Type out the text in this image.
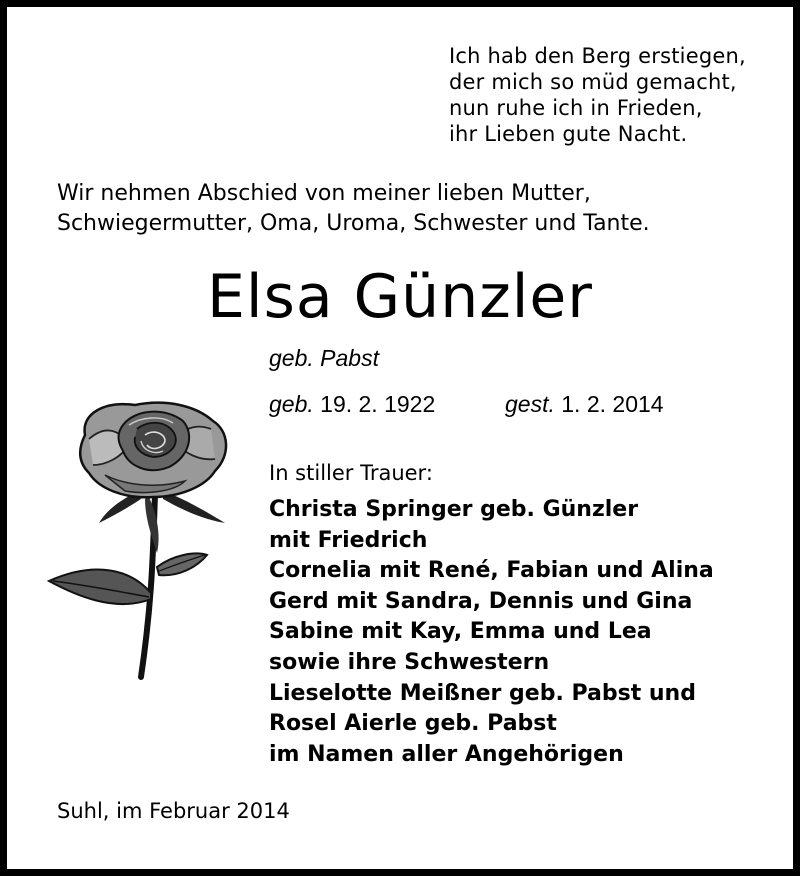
Ich hab den Berg erstiegen,
der mich so müd gemacht,
nun ruhe ich in Frieden,
ihr Lieben gute Nacht.
Wir nehmen Abschied von meiner lieben Mutter,
Schwiegermutter, Oma, Uroma, Schwester und Tante.
Elsa Günzler
geb. Pabst
geb. 19. 2. 1922	gest. 1. 2. 2014
In stiller Trauer:
Christa Springer geb. Günzler
mit Friedrich
Cornelia mit René, Fabian und Alina
Gerd mit Sandra, Dennis und Gina
Sabine mit Kay, Emma und Lea
sowie ihre Schwestern
Lieselotte Meißner geb. Pabst und
Rosel Aierle geb. Pabst
im Namen aller Angehörigen
Suhl, im Februar 2014
